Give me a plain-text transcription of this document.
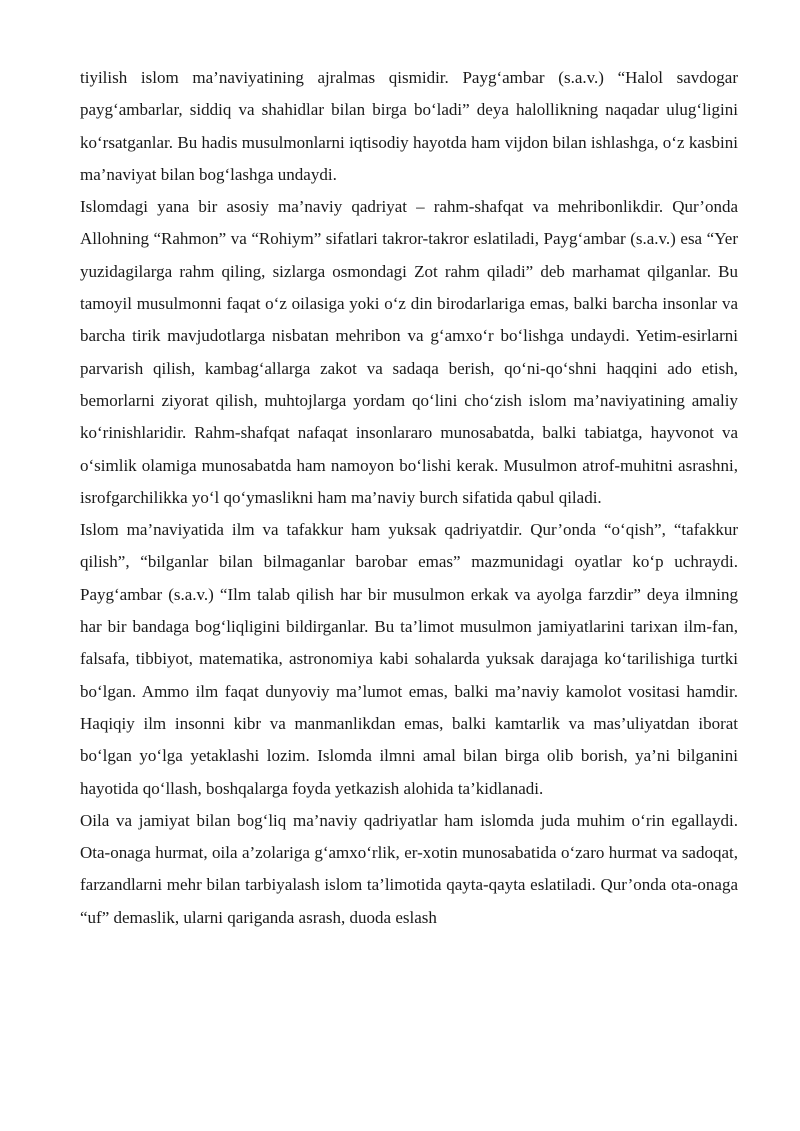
tiyilish islom ma’naviyatining ajralmas qismidir. Payg‘ambar (s.a.v.) “Halol savdogar payg‘ambarlar, siddiq va shahidlar bilan birga bo‘ladi” deya halollikning naqadar ulug‘ligini ko‘rsatganlar. Bu hadis musulmonlarni iqtisodiy hayotda ham vijdon bilan ishlashga, o‘z kasbini ma’naviyat bilan bog‘lashga undaydi.

Islomdagi yana bir asosiy ma’naviy qadriyat – rahm-shafqat va mehribonlikdir. Qur’onda Allohning “Rahmon” va “Rohiym” sifatlari takror-takror eslatiladi, Payg‘ambar (s.a.v.) esa “Yer yuzidagilarga rahm qiling, sizlarga osmondagi Zot rahm qiladi” deb marhamat qilganlar. Bu tamoyil musulmonni faqat o‘z oilasiga yoki o‘z din birodarlariga emas, balki barcha insonlar va barcha tirik mavjudotlarga nisbatan mehribon va g‘amxo‘r bo‘lishga undaydi. Yetim-esirlarni parvarish qilish, kambag‘allarga zakot va sadaqa berish, qo‘ni-qo‘shni haqqini ado etish, bemorlarni ziyorat qilish, muhtojlarga yordam qo‘lini cho‘zish islom ma’naviyatining amaliy ko‘rinishlaridir. Rahm-shafqat nafaqat insonlararo munosabatda, balki tabiatga, hayvonot va o‘simlik olamiga munosabatda ham namoyon bo‘lishi kerak. Musulmon atrof-muhitni asrashni, isrofgarchilikka yo‘l qo‘ymaslikni ham ma’naviy burch sifatida qabul qiladi.

Islom ma’naviyatida ilm va tafakkur ham yuksak qadriyatdir. Qur’onda “o‘qish”, “tafakkur qilish”, “bilganlar bilan bilmaganlar barobar emas” mazmunidagi oyatlar ko‘p uchraydi. Payg‘ambar (s.a.v.) “Ilm talab qilish har bir musulmon erkak va ayolga farzdir” deya ilmning har bir bandaga bog‘liqligini bildirganlar. Bu ta’limot musulmon jamiyatlarini tarixan ilm-fan, falsafa, tibbiyot, matematika, astronomiya kabi sohalarda yuksak darajaga ko‘tarilishiga turtki bo‘lgan. Ammo ilm faqat dunyoviy ma’lumot emas, balki ma’naviy kamolot vositasi hamdir. Haqiqiy ilm insonni kibr va manmanlikdan emas, balki kamtarlik va mas’uliyatdan iborat bo‘lgan yo‘lga yetaklashi lozim. Islomda ilmni amal bilan birga olib borish, ya’ni bilganini hayotida qo‘llash, boshqalarga foyda yetkazish alohida ta’kidlanadi.

Oila va jamiyat bilan bog‘liq ma’naviy qadriyatlar ham islomda juda muhim o‘rin egallaydi. Ota-onaga hurmat, oila a’zolariga g‘amxo‘rlik, er-xotin munosabatida o‘zaro hurmat va sadoqat, farzandlarni mehr bilan tarbiyalash islom ta’limotida qayta-qayta eslatiladi. Qur’onda ota-onaga “uf” demaslik, ularni qariganda asrash, duoda eslash
